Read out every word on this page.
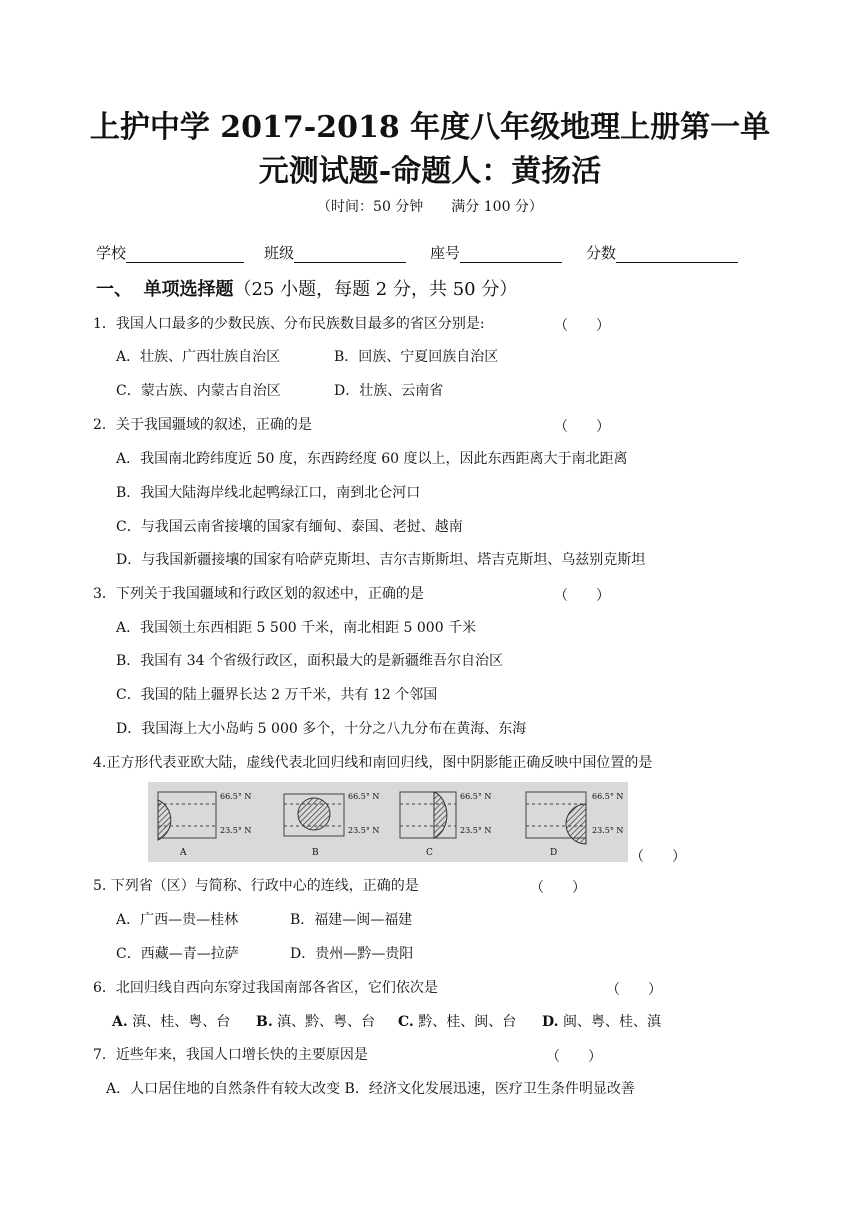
上护中学 2017-2018 年度八年级地理上册第一单
元测试题-命题人：黄扬活
（时间：50 分钟　　满分 100 分）
学校	班级	座号	分数
一、 单项选择题（25 小题，每题 2 分，共 50 分）
1．我国人口最多的少数民族、分布民族数目最多的省区分别是:	（　　）
A．壮族、广西壮族自治区	B．回族、宁夏回族自治区
C．蒙古族、内蒙古自治区	D．壮族、云南省
2．关于我国疆域的叙述，正确的是	（　　）
A．我国南北跨纬度近 50 度，东西跨经度 60 度以上，因此东西距离大于南北距离
B．我国大陆海岸线北起鸭绿江口，南到北仑河口
C．与我国云南省接壤的国家有缅甸、泰国、老挝、越南
D．与我国新疆接壤的国家有哈萨克斯坦、吉尔吉斯斯坦、塔吉克斯坦、乌兹别克斯坦
3．下列关于我国疆域和行政区划的叙述中，正确的是	（　　）
A．我国领土东西相距 5 500 千米，南北相距 5 000 千米
B．我国有 34 个省级行政区，面积最大的是新疆维吾尔自治区
C．我国的陆上疆界长达 2 万千米，共有 12 个邻国
D．我国海上大小岛屿 5 000 多个，十分之八九分布在黄海、东海
4.正方形代表亚欧大陆，虚线代表北回归线和南回归线，图中阴影能正确反映中国位置的是
66.5° N
23.5° N
A
66.5° N
23.5° N
B
66.5° N
23.5° N
C
66.5° N
23.5° N
D	（　　）
5. 下列省（区）与简称、行政中心的连线，正确的是	（　　）
A．广西—贵—桂林	B．福建—闽—福建
C．西藏—青—拉萨	D．贵州—黔—贵阳
6．北回归线自西向东穿过我国南部各省区，它们依次是	（　　）
A. 滇、桂、粤、台 B. 滇、黔、粤、台 C. 黔、桂、闽、台 D. 闽、粤、桂、滇
7．近些年来，我国人口增长快的主要原因是	（　　）
A．人口居住地的自然条件有较大改变 B．经济文化发展迅速，医疗卫生条件明显改善
